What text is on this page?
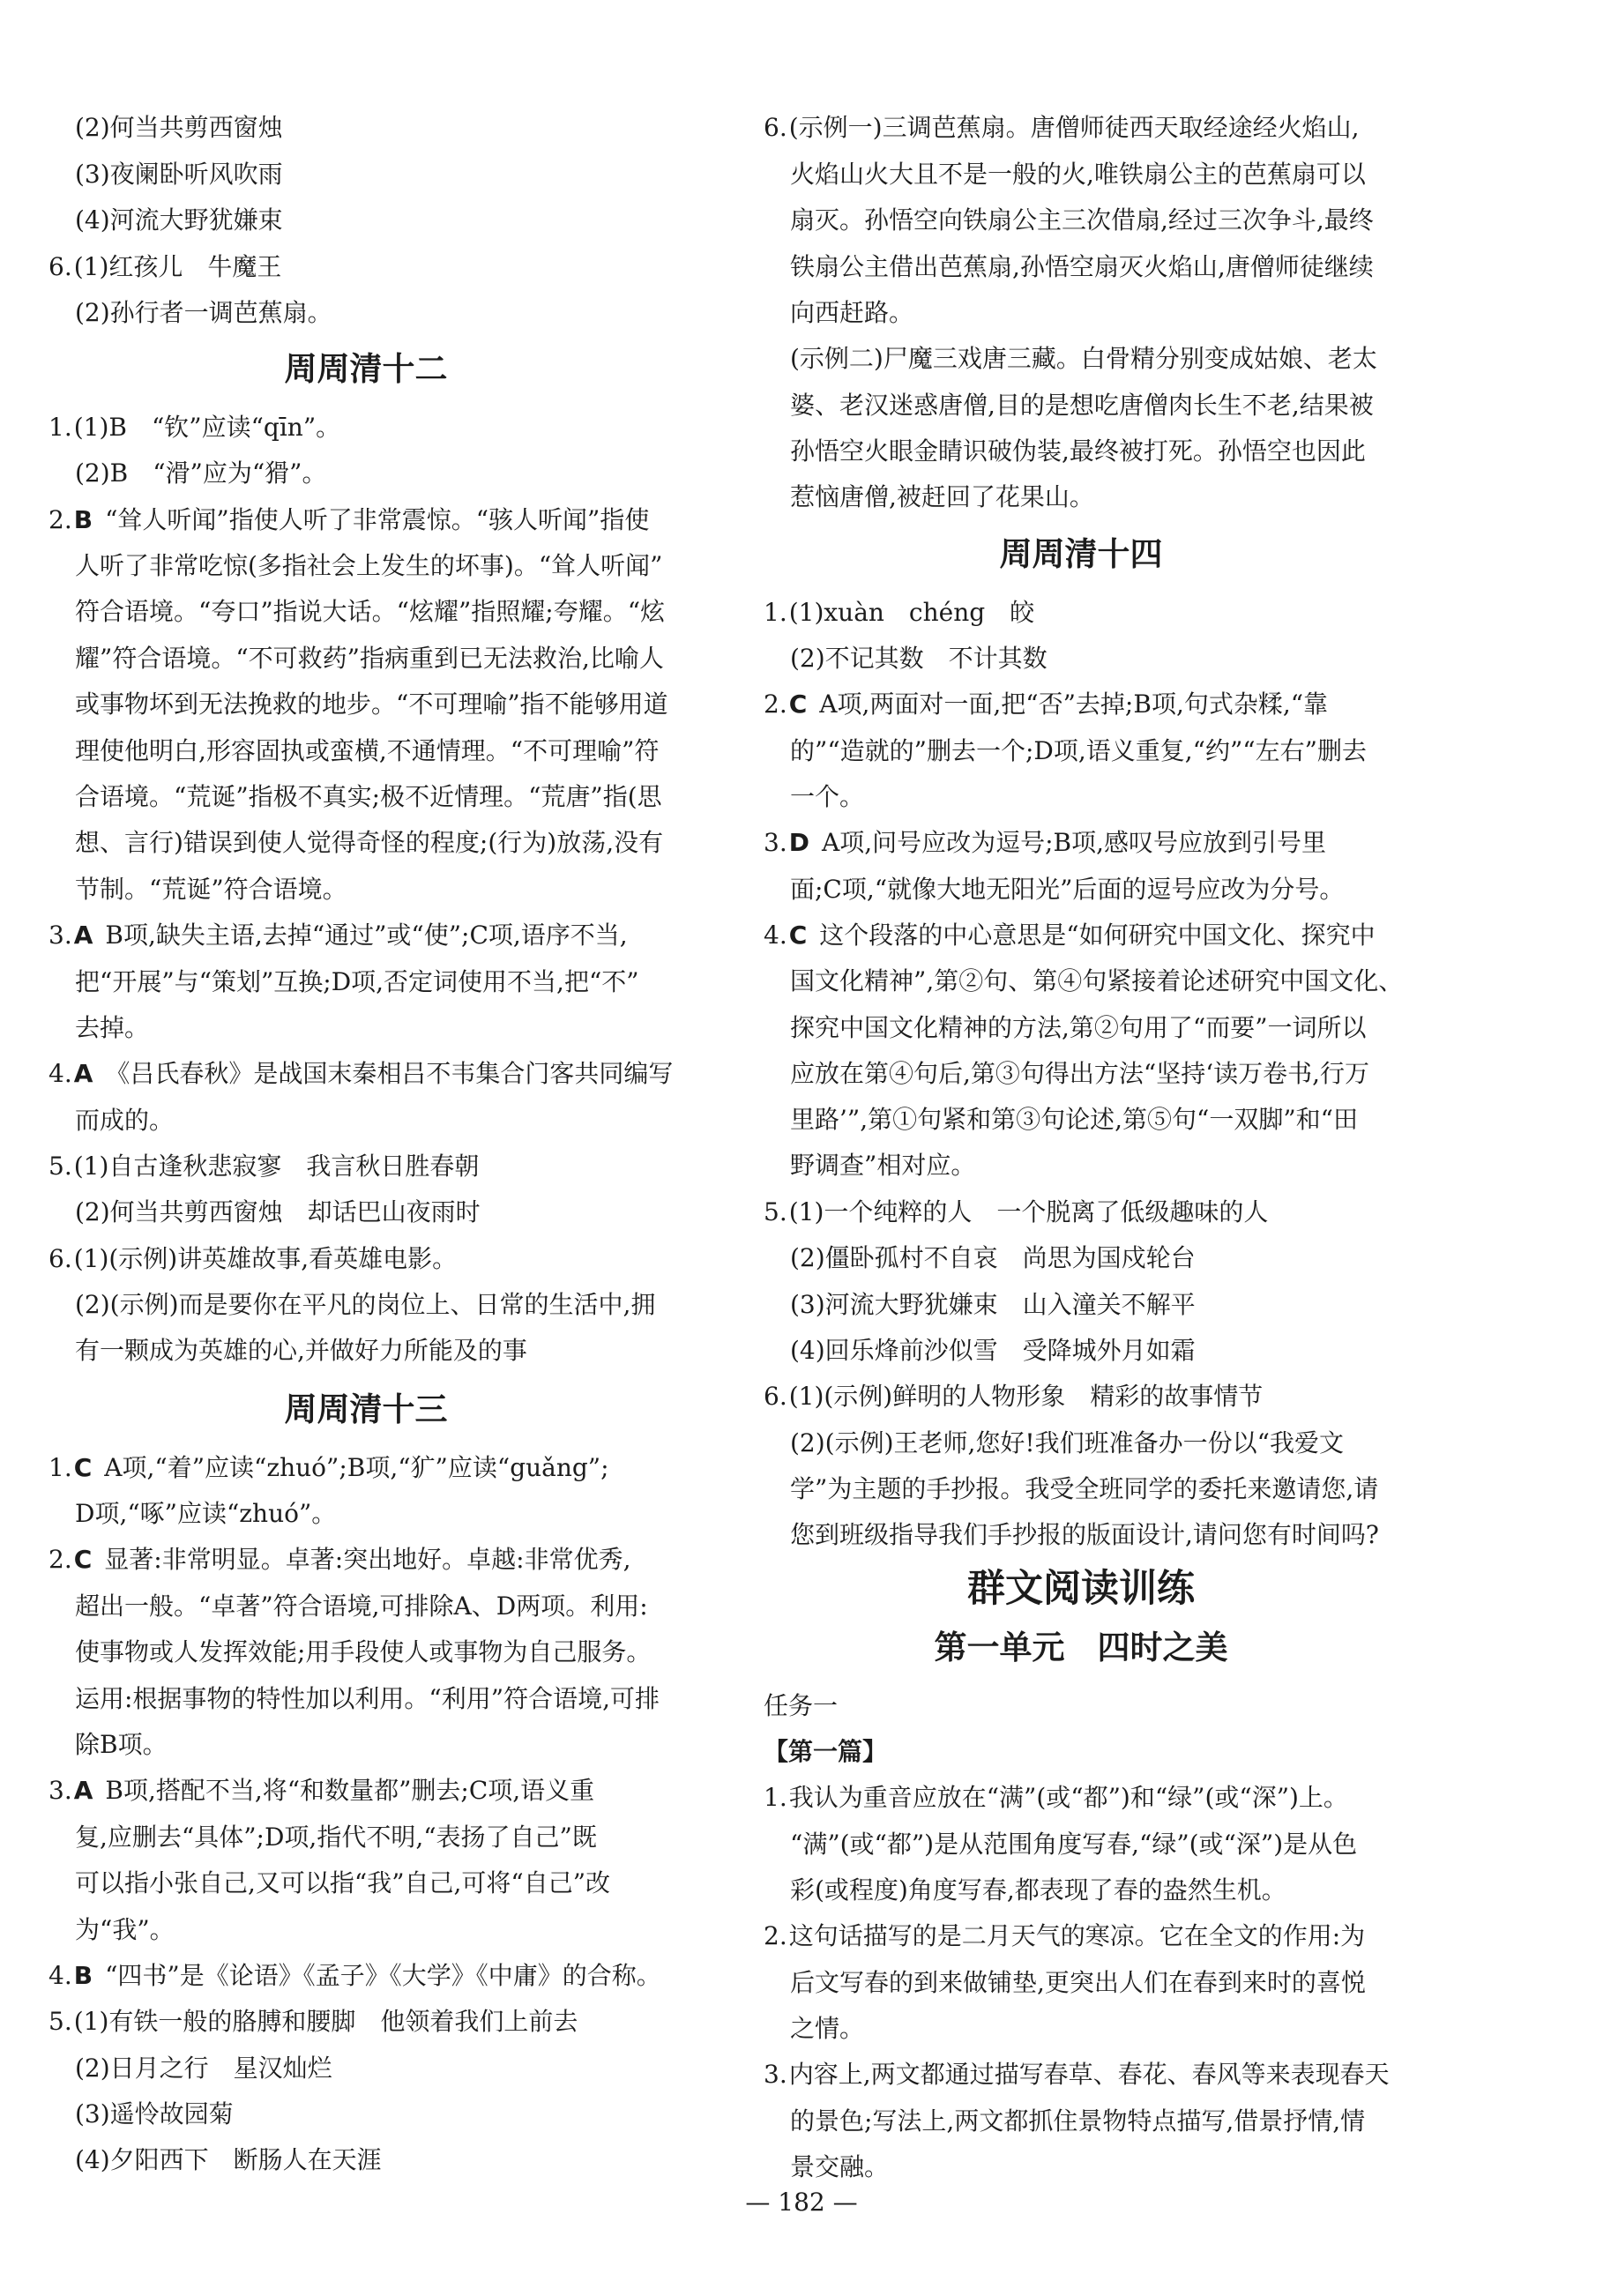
(2)何当共剪西窗烛
(3)夜阑卧听风吹雨
(4)河流大野犹嫌束
6.(1)红孩儿　牛魔王
(2)孙行者一调芭蕉扇。
周周清十二
1.(1)B　“钦”应读“qīn”。
(2)B　“滑”应为“猾”。
2.B “耸人听闻”指使人听了非常震惊。“骇人听闻”指使
人听了非常吃惊(多指社会上发生的坏事)。“耸人听闻”
符合语境。“夸口”指说大话。“炫耀”指照耀;夸耀。“炫
耀”符合语境。“不可救药”指病重到已无法救治,比喻人
或事物坏到无法挽救的地步。“不可理喻”指不能够用道
理使他明白,形容固执或蛮横,不通情理。“不可理喻”符
合语境。“荒诞”指极不真实;极不近情理。“荒唐”指(思
想、言行)错误到使人觉得奇怪的程度;(行为)放荡,没有
节制。“荒诞”符合语境。
3.A B项,缺失主语,去掉“通过”或“使”;C项,语序不当,
把“开展”与“策划”互换;D项,否定词使用不当,把“不”
去掉。
4.A 《吕氏春秋》是战国末秦相吕不韦集合门客共同编写
而成的。
5.(1)自古逢秋悲寂寥　我言秋日胜春朝
(2)何当共剪西窗烛　却话巴山夜雨时
6.(1)(示例)讲英雄故事,看英雄电影。
(2)(示例)而是要你在平凡的岗位上、日常的生活中,拥
有一颗成为英雄的心,并做好力所能及的事
周周清十三
1.C A项,“着”应读“zhuó”;B项,“犷”应读“guǎng”;
D项,“啄”应读“zhuó”。
2.C 显著:非常明显。卓著:突出地好。卓越:非常优秀,
超出一般。“卓著”符合语境,可排除A、D两项。利用:
使事物或人发挥效能;用手段使人或事物为自己服务。
运用:根据事物的特性加以利用。“利用”符合语境,可排
除B项。
3.A B项,搭配不当,将“和数量都”删去;C项,语义重
复,应删去“具体”;D项,指代不明,“表扬了自己”既
可以指小张自己,又可以指“我”自己,可将“自己”改
为“我”。
4.B “四书”是《论语》《孟子》《大学》《中庸》的合称。
5.(1)有铁一般的胳膊和腰脚　他领着我们上前去
(2)日月之行　星汉灿烂
(3)遥怜故园菊
(4)夕阳西下　断肠人在天涯
6.(示例一)三调芭蕉扇。唐僧师徒西天取经途经火焰山,
火焰山火大且不是一般的火,唯铁扇公主的芭蕉扇可以
扇灭。孙悟空向铁扇公主三次借扇,经过三次争斗,最终
铁扇公主借出芭蕉扇,孙悟空扇灭火焰山,唐僧师徒继续
向西赶路。
(示例二)尸魔三戏唐三藏。白骨精分别变成姑娘、老太
婆、老汉迷惑唐僧,目的是想吃唐僧肉长生不老,结果被
孙悟空火眼金睛识破伪装,最终被打死。孙悟空也因此
惹恼唐僧,被赶回了花果山。
周周清十四
1.(1)xuàn　chéng　皎
(2)不记其数　不计其数
2.C A项,两面对一面,把“否”去掉;B项,句式杂糅,“靠
的”“造就的”删去一个;D项,语义重复,“约”“左右”删去
一个。
3.D A项,问号应改为逗号;B项,感叹号应放到引号里
面;C项,“就像大地无阳光”后面的逗号应改为分号。
4.C 这个段落的中心意思是“如何研究中国文化、探究中
国文化精神”,第②句、第④句紧接着论述研究中国文化、
探究中国文化精神的方法,第②句用了“而要”一词所以
应放在第④句后,第③句得出方法“坚持‘读万卷书,行万
里路’”,第①句紧和第③句论述,第⑤句“一双脚”和“田
野调查”相对应。
5.(1)一个纯粹的人　一个脱离了低级趣味的人
(2)僵卧孤村不自哀　尚思为国戍轮台
(3)河流大野犹嫌束　山入潼关不解平
(4)回乐烽前沙似雪　受降城外月如霜
6.(1)(示例)鲜明的人物形象　精彩的故事情节
(2)(示例)王老师,您好!我们班准备办一份以“我爱文
学”为主题的手抄报。我受全班同学的委托来邀请您,请
您到班级指导我们手抄报的版面设计,请问您有时间吗?
群文阅读训练
第一单元　四时之美
任务一
【第一篇】
1.我认为重音应放在“满”(或“都”)和“绿”(或“深”)上。
“满”(或“都”)是从范围角度写春,“绿”(或“深”)是从色
彩(或程度)角度写春,都表现了春的盎然生机。
2.这句话描写的是二月天气的寒凉。它在全文的作用:为
后文写春的到来做铺垫,更突出人们在春到来时的喜悦
之情。
3.内容上,两文都通过描写春草、春花、春风等来表现春天
的景色;写法上,两文都抓住景物特点描写,借景抒情,情
景交融。
— 182 —
